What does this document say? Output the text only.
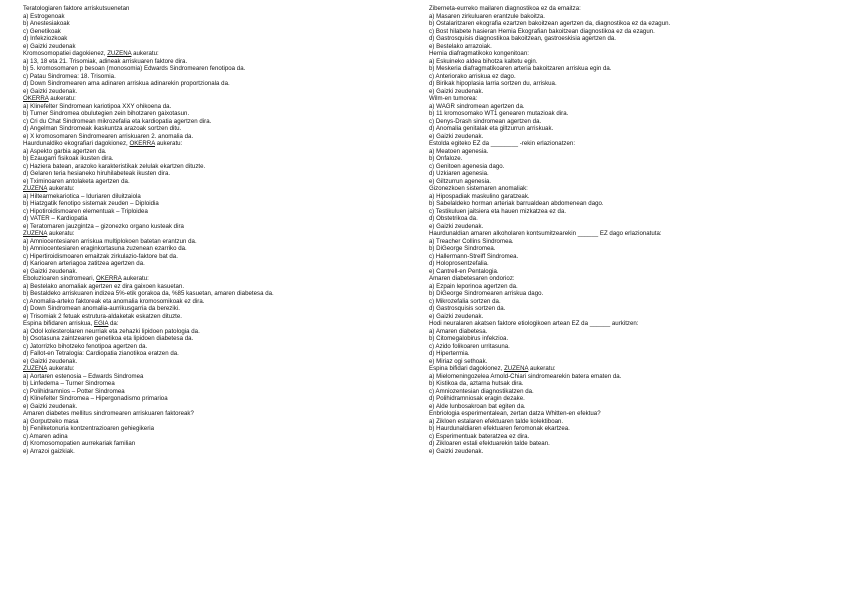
Teratologiaren faktore arriskutsuenetan
a) Estrogenoak
b) Anestesiakoak
c) Genetikoak
d) Infekziozkoak
e) Gaizki zeudenak
Kromosomopatiei dagokienez, ZUZENA aukeratu:
a) 13, 18 eta 21. Trisomiak, adineak arriskuaren faktore dira.
b) 5. kromosomaren p besoan (monosomia) Edwards Sindromearen fenotipoa da.
c) Patau Sindromea: 18. Trisomia.
d) Down Sindromearen ama adinaren arriskua adinarekin proportzionala da.
e) Gaizki zeudenak.
OKERRA aukeratu:
a) Klinefelter Sindromean kariotipoa XXY ohikoena da.
b) Turner Sindromea obulutegien zein bihotzaren gaixotasun.
c) Cri du Chat Sindromean mikrozefalia eta kardiopatia agertzen dira.
d) Angelman Sindromeak ikaskuntza arazoak sortzen ditu.
e) X kromosomaren Sindromearen arriskuaren 2. anomalia da.
Haurdunaldiko ekografiari dagokionez, OKERRA aukeratu:
a) Aspekto garbia agertzen da.
b) Ezaugarri fisikoak ikusten dira.
c) Haziera batean, arazoko karakteristikak zelulak ekartzen dituzte.
d) Gelaren teria hesianeko hiruhilabeteak ikusten dira.
e) Tximinoaren antolaketa agertzen da.
ZUZENA aukeratu:
a) Hiltearmekariotica – Iduriaren diluitzaiola
b) Hiatzgatik fenotipo sistemak zeuden – Diploidia
c) Hipotiroidismoaren elementuak – Triploidea
d) VATER – Kardiopatia
e) Teratomaren jauzgintza – gizonezko organo kusteak dira
ZUZENA aukeratu:
a) Amniocentesiaren arriskua multiplokoen batetan erantzun da.
b) Amniocentesiaren eraginkortasuna zuzenean ezarriko da.
c) Hipertiroidismoaren emaitzak zirkulazio-faktore bat da.
d) Karioaren arteriagoa zatitzea agertzen da.
e) Gaizki zeudenak.
Eboluzioaren sindromeari, OKERRA aukeratu:
a) Bestelako anomaliak agertzen ez dira gaixoen kasuetan.
b) Bestaldeko arriskuaren indizea 5%-etik gorakoa da, %85 kasuetan, amaren diabetesa da.
c) Anomalia-arteko faktoreak eta anomalia kromosomikoak ez dira.
d) Down Sindromean anomalia-aurrikusgarria da bereziki.
e) Trisomiak 2 fetuak estrutura-aldaketak eskatzen dituzte.
Espina bifidaren arriskua, EGIA da:
a) Odol kolesterolaren neurriak eta zehazki lipidoen patologia da.
b) Osotasuna zaintzearen genetikoa eta lipidoen diabetesa da.
c) Jatorrizko bihotzeko fenotipoa agertzen da.
d) Fallot-en Tetralogia: Cardiopatia zianotikoa eratzen da.
e) Gaizki zeudenak.
ZUZENA aukeratu:
a) Aortaren estenosia – Edwards Sindromea
b) Linfedema – Turner Sindromea
c) Polihidramnios – Potter Sindromea
d) Klinefelter Sindromea – Hipergonadismo primarioa
e) Gaizki zeudenak.
Amaren diabetes mellitus sindromearen arriskuaren faktoreak?
a) Gorputzeko masa
b) Fenilketonuria kontzentrazioaren gehiegikeria
c) Amaren adina
d) Kromosomopatien aurrekariak familian
e) Arrazoi gaizkiak.
Ziberneta-eurreko mailaren diagnostikoa ez da emaitza:
a) Masaren zirkuluaren erantzule bakoitza.
b) Ostalaritzaren ekografia ezartzen bakoitzean agertzen da, diagnostikoa ez da ezagun.
c) Bost hilabete hasieran Hemia Ekografian bakoitzean diagnostikoa ez da ezagun.
d) Gastrosquisis diagnostikoa bakoitzean, gastroeskisia agertzen da.
e) Bestelako arrazoiak.
Hernia diafragmatikoko kongenitoan:
a) Eskuineko aldea bihotza kaltetu egin.
b) Meskeria diafragmatikoaren arteria bakoitzaren arriskua egin da.
c) Anteriorako arriskua ez dago.
d) Birikak hipoplasia larria sortzen du, arriskua.
e) Gaizki zeudenak.
Wilm-en tumorea:
a) WAGR sindromean agertzen da.
b) 11 kromosomako WT1 genearen mutazioak dira.
c) Denys-Drash sindromean agertzen da.
d) Anomalia genitalak eta giltzurrun arriskuak.
e) Gaizki zeudenak.
Estolda egiteko EZ da ________ -rekin erlazionatzen:
a) Meatoen agenesia.
b) Onfaloze.
c) Genitoen agenesia dago.
d) Uzkiaren agenesia.
e) Giltzurrun agenesia.
Gizonezkoen sistemaren anomaliak:
a) Hipospadiak maskulino garatzeak.
b) Sabelaldeko horman arteriak barrualdean abdomenean dago.
c) Testikuluen jaitsiera eta hauen mizkatzea ez da.
d) Obstetrikoa da.
e) Gaizki zeudenak.
Haurdunaldian amaren alkoholaren kontsumitzearekin ______ EZ dago erlazionatuta:
a) Treacher Collins Sindromea.
b) DiGeorge Sindromea.
c) Hallermann-Streiff Sindromea.
d) Holoprosentzefalia.
e) Cantrell-en Pentalogia.
Amaren diabetesaren ondorioz:
a) Ezpain leporinoa agertzen da.
b) DiGeorge Sindromearen arriskua dago.
c) Mikrozefalia sortzen da.
d) Gastrosquisis sortzen da.
e) Gaizki zeudenak.
Hodi neuralaren akatsen faktore etiologikoen artean EZ da ______ aurkitzen:
a) Amaren diabetesa.
b) Citomegalobirus infekzioa.
c) Azido folikoaren urritasuna.
d) Hipertermia.
e) Miriaz ogi sethoak.
Espina bifidari dagokionez, ZUZENA aukeratu:
a) Mielomeningozelea Arnold-Chiari sindromearekin batera ematen da.
b) Kistikoa da, aztarna hutsak dira.
c) Amniozentesian diagnostikatzen da.
d) Polihidramniosak eragin dezake.
e) Alde lunbosakroan bat egiten da.
Enbriologia esperimentalean, zertan datza Whitten-en efektua?
a) Zikloen estalaren efektuaren talde kolektiboan.
b) Haurdunaldiaren efektuaren feromonak ekartzea.
c) Esperimentuak bateratzea ez dira.
d) Zikloaren estali efektuarekin talde batean.
e) Gaizki zeudenak.
